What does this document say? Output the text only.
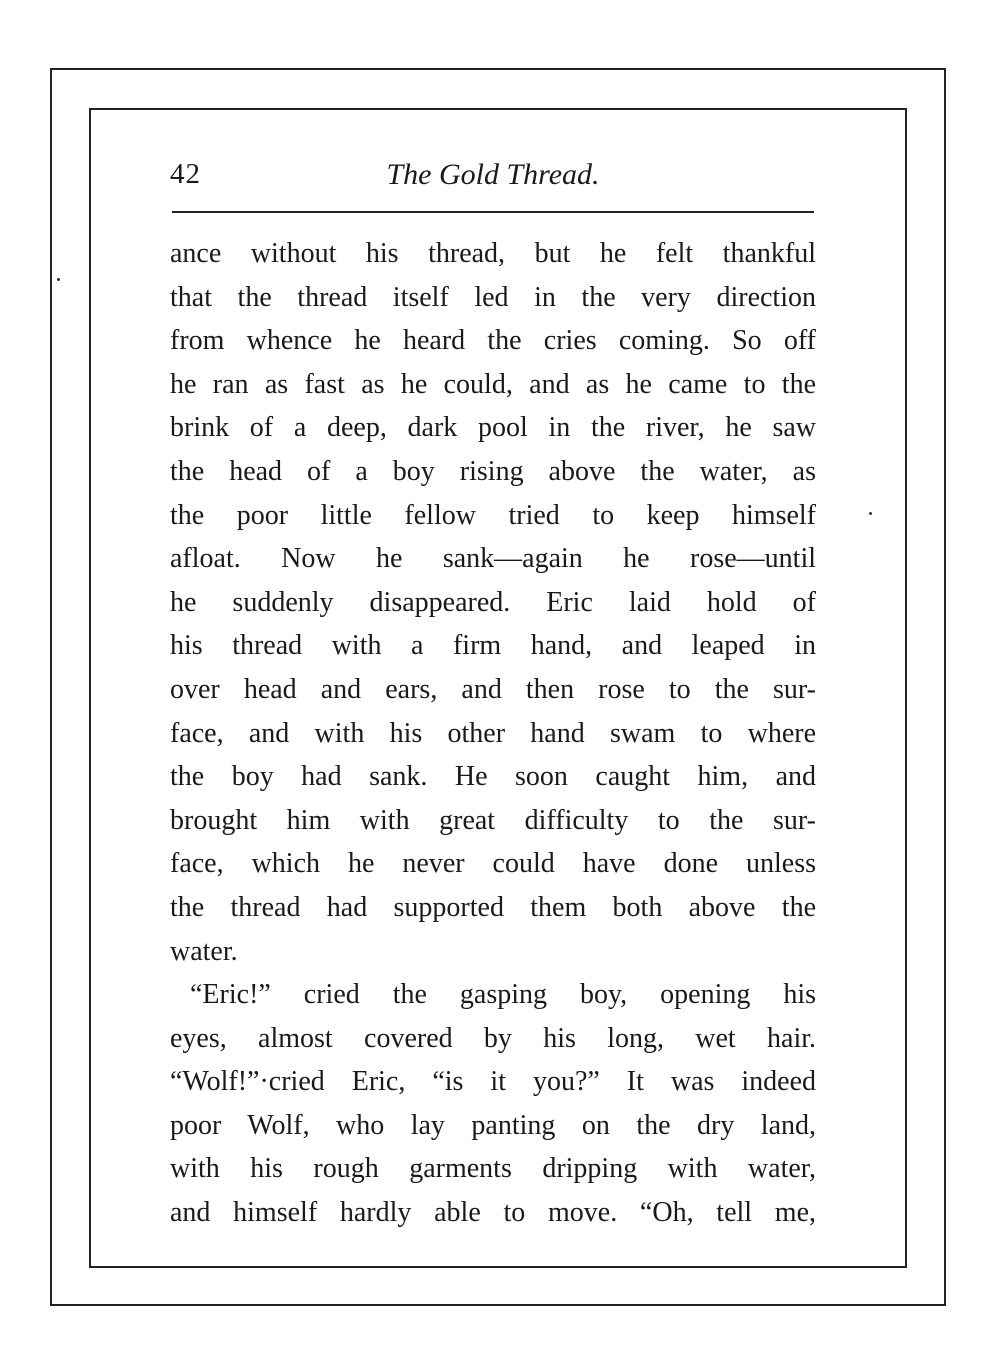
42	The Gold Thread.
ance without his thread, but he felt thankful
that the thread itself led in the very direction
from whence he heard the cries coming. So off
he ran as fast as he could, and as he came to the
brink of a deep, dark pool in the river, he saw
the head of a boy rising above the water, as
the poor little fellow tried to keep himself
afloat. Now he sank—again he rose—until
he suddenly disappeared. Eric laid hold of
his thread with a firm hand, and leaped in
over head and ears, and then rose to the sur-
face, and with his other hand swam to where
the boy had sank. He soon caught him, and
brought him with great difficulty to the sur-
face, which he never could have done unless
the thread had supported them both above the
water.
“Eric!” cried the gasping boy, opening his
eyes, almost covered by his long, wet hair.
“Wolf!”·cried Eric, “is it you?” It was indeed
poor Wolf, who lay panting on the dry land,
with his rough garments dripping with water,
and himself hardly able to move. “Oh, tell me,
